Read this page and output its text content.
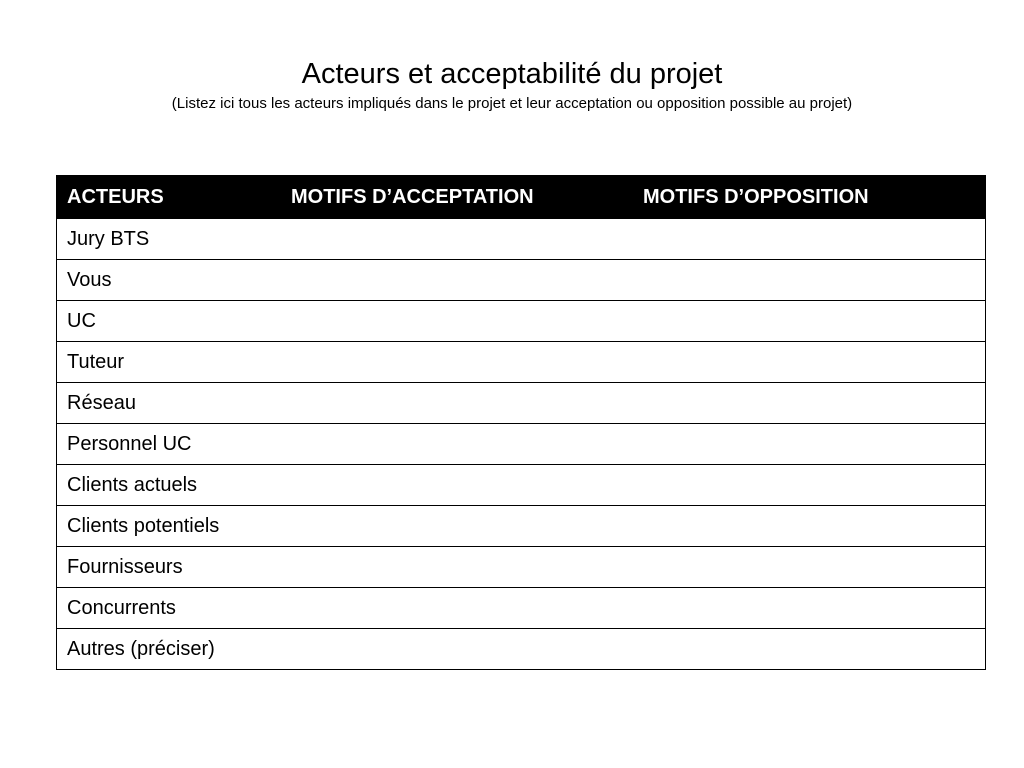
Acteurs et acceptabilité du projet

(Listez ici tous les acteurs impliqués dans le projet et leur acceptation ou opposition possible au projet)

ACTEURS	MOTIFS D’ACCEPTATION	MOTIFS D’OPPOSITION
Jury BTS		
Vous		
UC		
Tuteur		
Réseau		
Personnel UC		
Clients actuels		
Clients potentiels		
Fournisseurs		
Concurrents		
Autres (préciser)		
